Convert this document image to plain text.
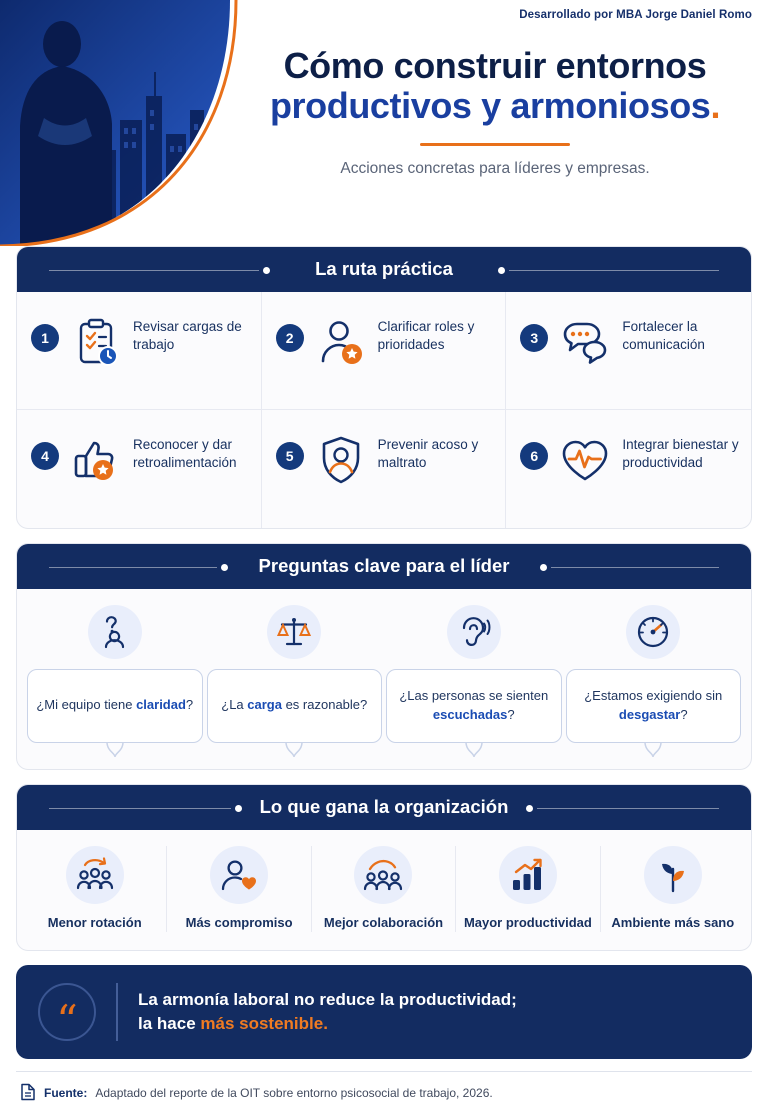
Desarrollado por MBA Jorge Daniel Romo
Cómo construir entornos
productivos y armoniosos.
Acciones concretas para líderes y empresas.
La ruta práctica
1
Revisar cargas de trabajo	2
Clarificar roles y prioridades	3
Fortalecer la comunicación
4
Reconocer y dar retroalimentación	5
Prevenir acoso y maltrato	6
Integrar bienestar y productividad
Preguntas clave para el líder
¿Mi equipo tiene claridad? ¿La carga es razonable?
¿Las personas se sienten escuchadas?
¿Estamos exigiendo sin desgastar?
Lo que gana la organización
Menor rotación	Más compromiso	Mejor colaboración	Mayor productividad	Ambiente más sano
“	La armonía laboral no reduce la productividad;
la hace más sostenible.
Fuente: Adaptado del reporte de la OIT sobre entorno psicosocial de trabajo, 2026.
